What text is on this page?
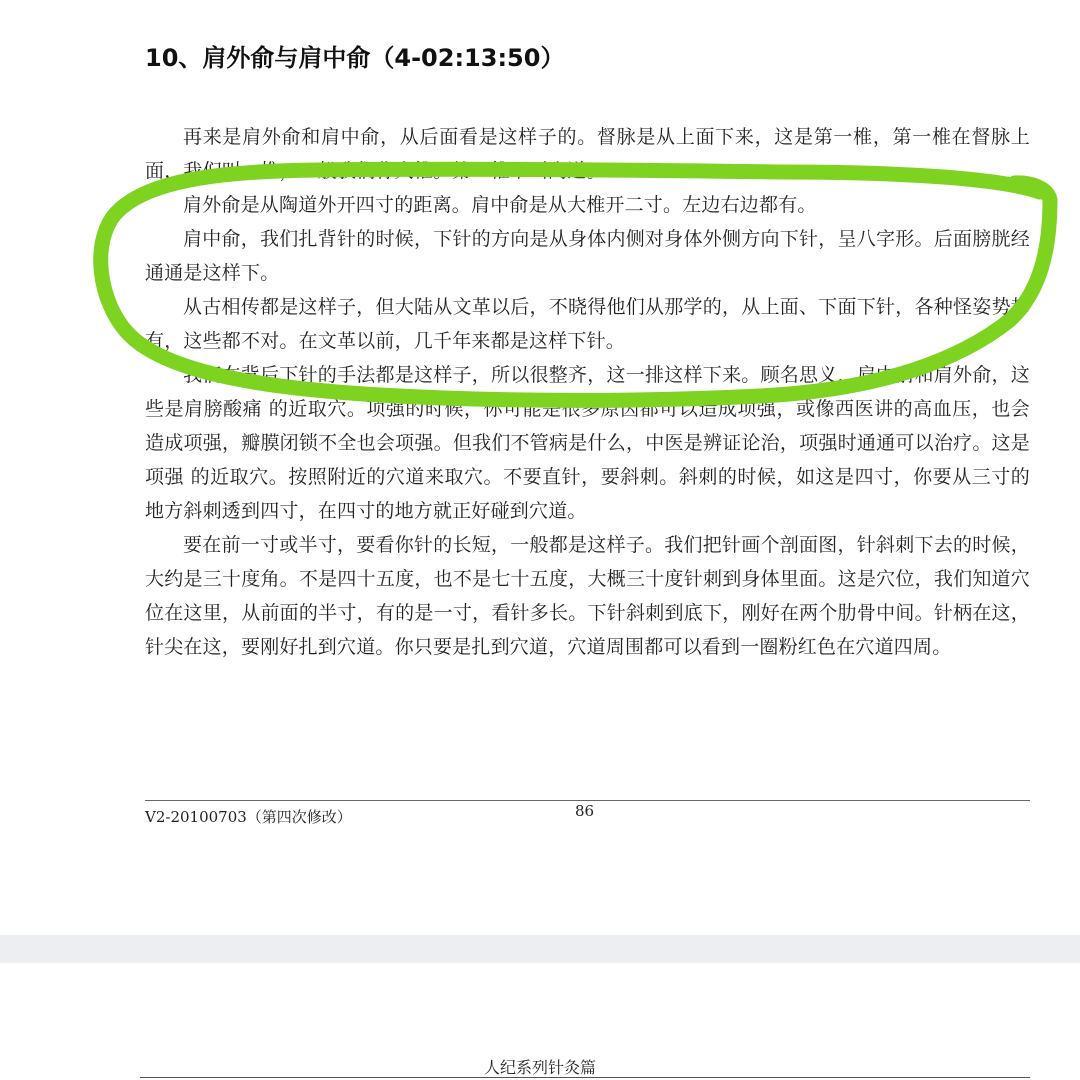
10、肩外俞与肩中俞（4-02:13:50）

再来是肩外俞和肩中俞，从后面看是这样子的。督脉是从上面下来，这是第一椎，第一椎在督脉上面，我们叫一椎，一般我们称大椎。第一椎下叫陶道。

肩外俞是从陶道外开四寸的距离。肩中俞是从大椎开二寸。左边右边都有。

肩中俞，我们扎背针的时候，下针的方向是从身体内侧对身体外侧方向下针，呈八字形。后面膀胱经通通是这样下。

从古相传都是这样子，但大陆从文革以后，不晓得他们从那学的，从上面、下面下针，各种怪姿势都有，这些都不对。在文革以前，几千年来都是这样下针。

我们在背后下针的手法都是这样子，所以很整齐，这一排这样下来。顾名思义，肩中俞和肩外俞，这些是肩膀酸痛 的近取穴。项强的时候，你可能是很多原因都可以造成项强，或像西医讲的高血压，也会造成项强，瓣膜闭锁不全也会项强。但我们不管病是什么，中医是辨证论治，项强时通通可以治疗。这是项强 的近取穴。按照附近的穴道来取穴。不要直针，要斜刺。斜刺的时候，如这是四寸，你要从三寸的地方斜刺透到四寸，在四寸的地方就正好碰到穴道。

要在前一寸或半寸，要看你针的长短，一般都是这样子。我们把针画个剖面图，针斜刺下去的时候，大约是三十度角。不是四十五度，也不是七十五度，大概三十度针刺到身体里面。这是穴位，我们知道穴位在这里，从前面的半寸，有的是一寸，看针多长。下针斜刺到底下，刚好在两个肋骨中间。针柄在这，针尖在这，要刚好扎到穴道。你只要是扎到穴道，穴道周围都可以看到一圈粉红色在穴道四周。

V2-20100703（第四次修改）	86
人纪系列针灸篇
